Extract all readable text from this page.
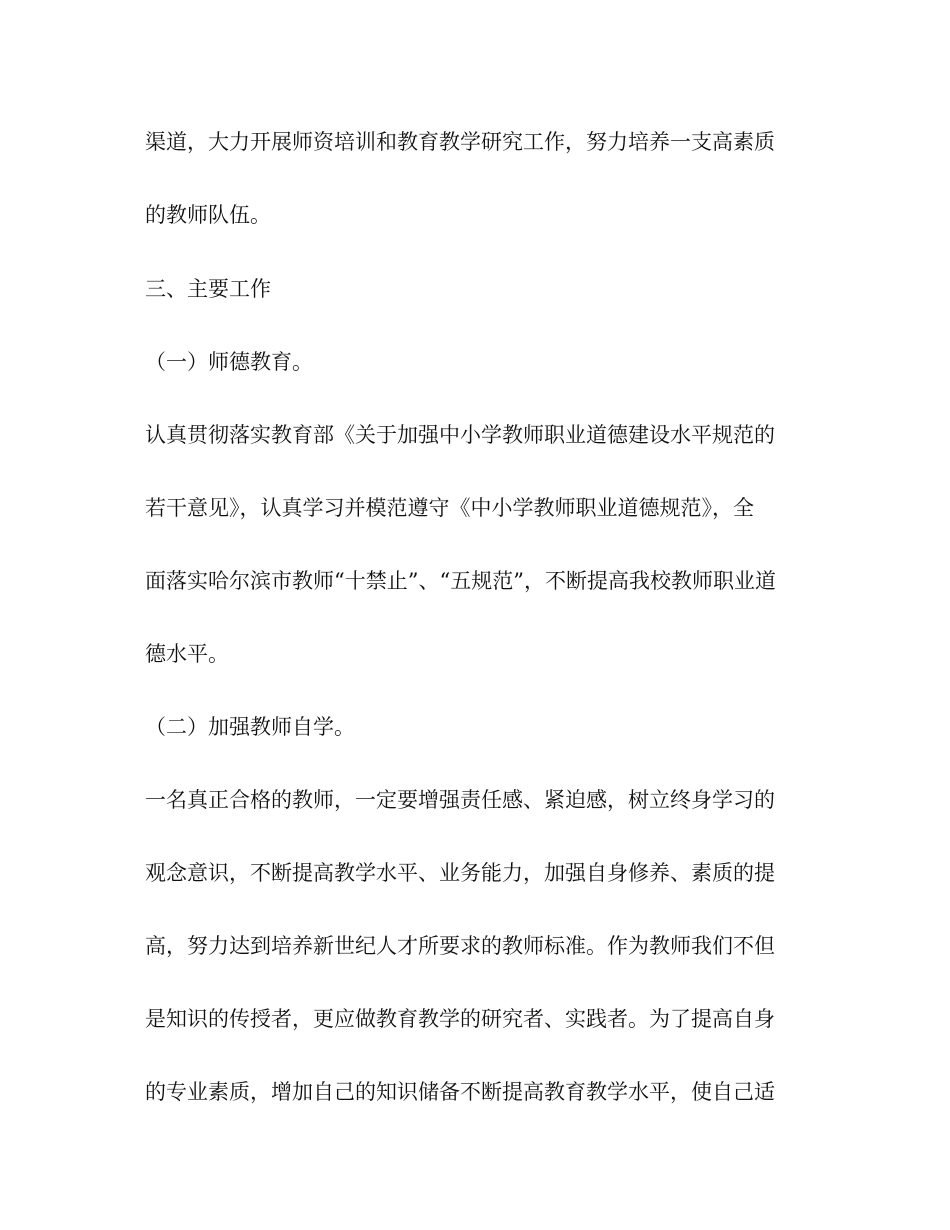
渠道，大力开展师资培训和教育教学研究工作，努力培养一支高素质
的教师队伍。
三、主要工作
（一）师德教育。
认真贯彻落实教育部《关于加强中小学教师职业道德建设水平规范的
若干意见》，认真学习并模范遵守《中小学教师职业道德规范》，全
面落实哈尔滨市教师“十禁止”、“五规范”，不断提高我校教师职业道
德水平。
（二）加强教师自学。
一名真正合格的教师，一定要增强责任感、紧迫感，树立终身学习的
观念意识，不断提高教学水平、业务能力，加强自身修养、素质的提
高，努力达到培养新世纪人才所要求的教师标准。作为教师我们不但
是知识的传授者，更应做教育教学的研究者、实践者。为了提高自身
的专业素质，增加自己的知识储备不断提高教育教学水平，使自己适
